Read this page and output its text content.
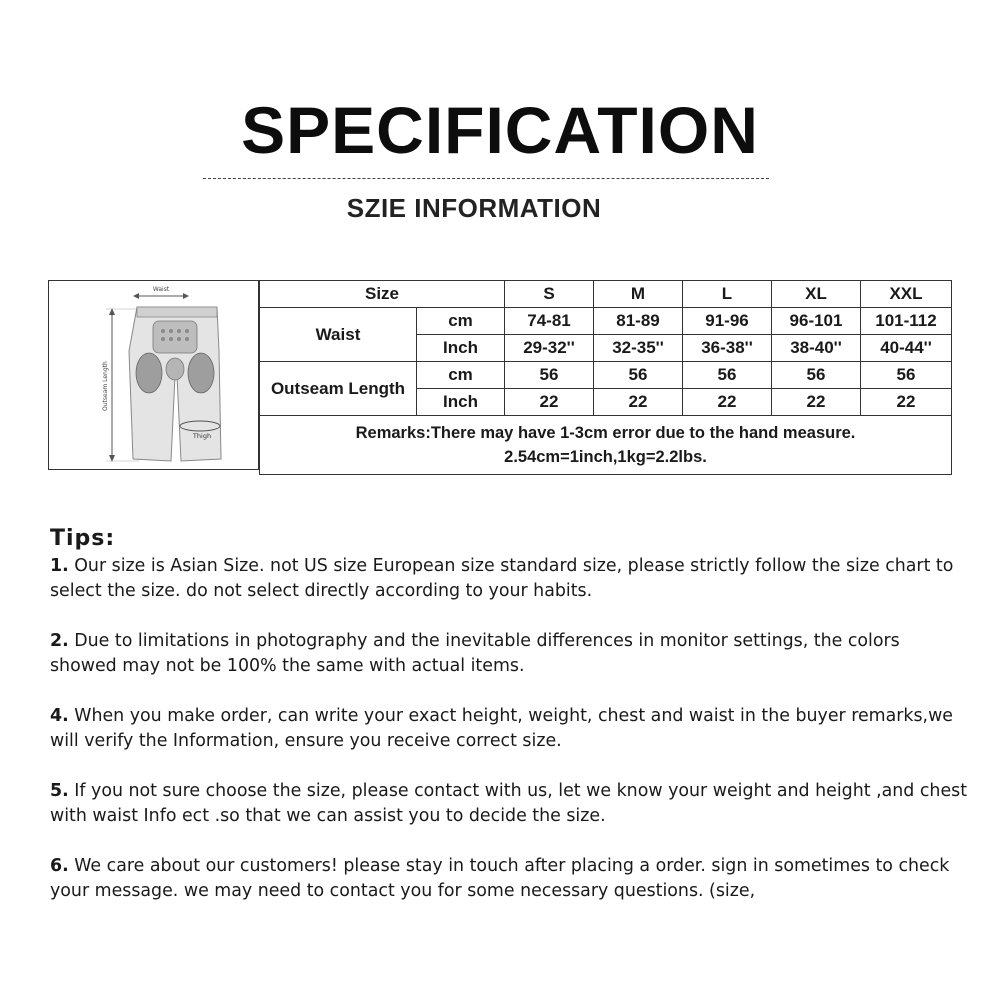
SPECIFICATION
SZIE INFORMATION
Waist
Outseam Length
Thigh
Size		S	M	L	XL	XXL
Waist	cm	74-81	81-89	91-96	96-101	101-112
	Inch	29-32''	32-35''	36-38''	38-40''	40-44''
Outseam Length	cm	56	56	56	56	56
	Inch	22	22	22	22	22

Remarks:There may have 1-3cm error due to the hand measure.
2.54cm=1inch,1kg=2.2lbs.						
Tips:

1. Our size is Asian Size. not US size European size standard size, please strictly follow the size chart to select the size. do not select directly according to your habits.

2. Due to limitations in photography and the inevitable differences in monitor settings, the colors showed may not be 100% the same with actual items.

4. When you make order, can write your exact height, weight, chest and waist in the buyer remarks,we will verify the Information, ensure you receive correct size.

5. If you not sure choose the size, please contact with us, let we know your weight and height ,and chest with waist Info ect .so that we can assist you to decide the size.

6. We care about our customers! please stay in touch after placing a order. sign in sometimes to check your message. we may need to contact you for some necessary questions. (size,
